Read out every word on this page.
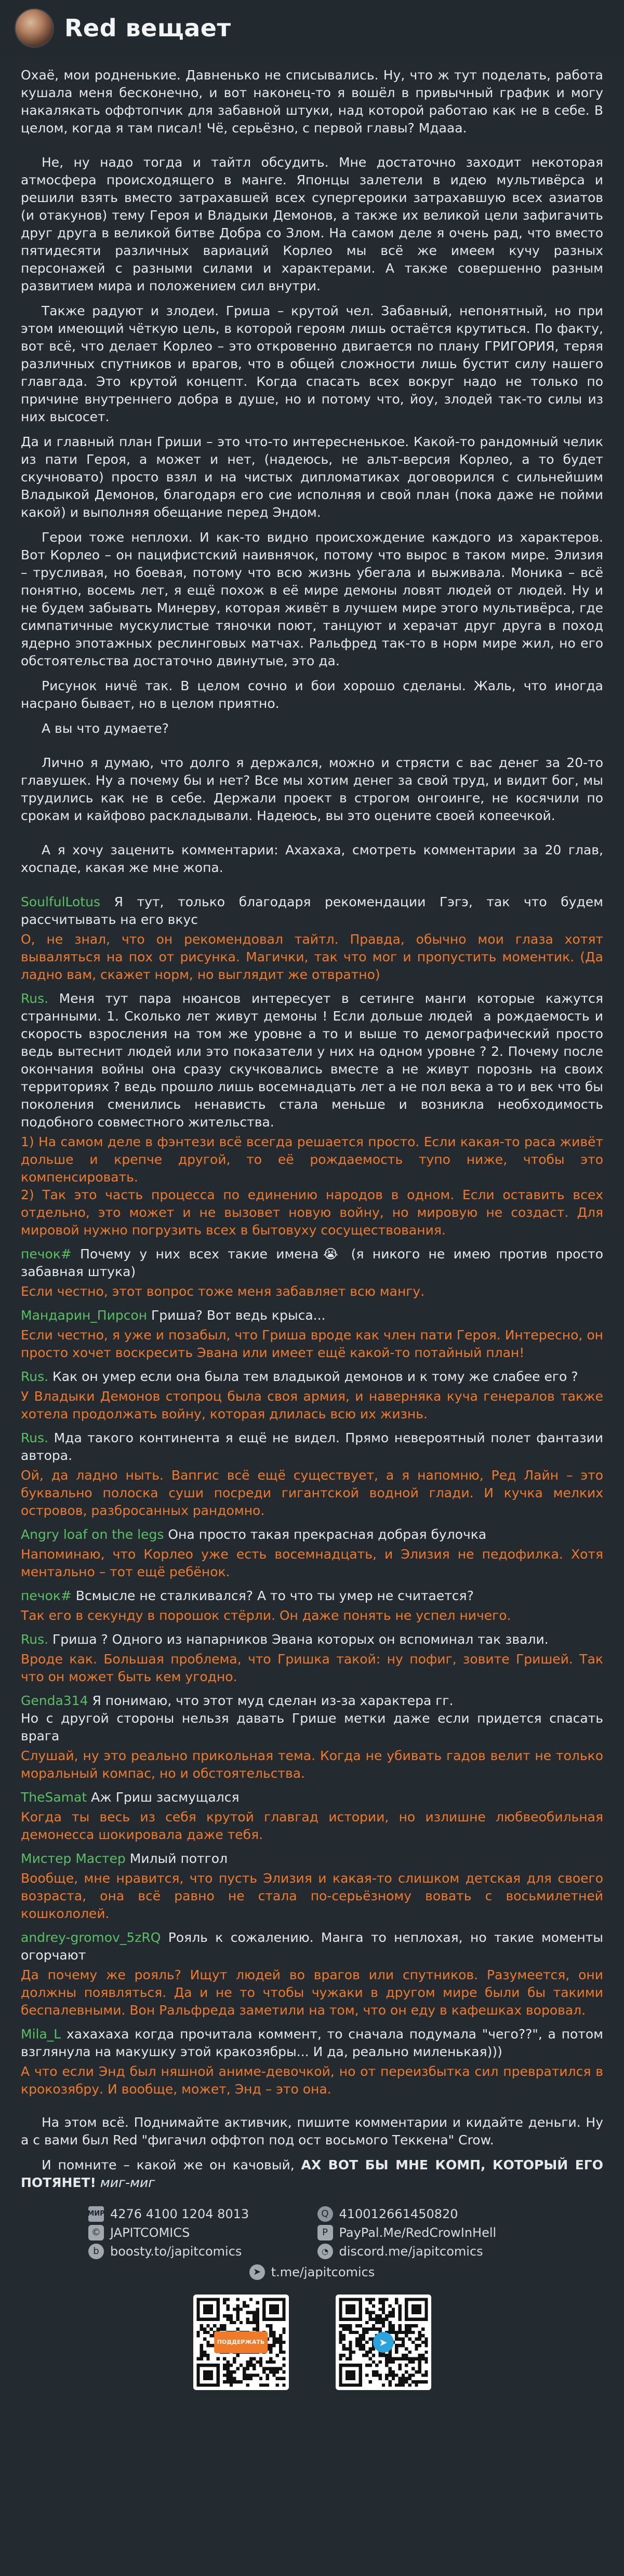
Red вещает

Охаё, мои родненькие. Давненько не списывались. Ну, что ж тут поделать, работа кушала меня бесконечно, и вот наконец-то я вошёл в привычный график и могу накалякать оффтопчик для забавной штуки, над которой работаю как не в себе. В целом, когда я там писал! Чё, серьёзно, с первой главы? Мдааа.

Не, ну надо тогда и тайтл обсудить. Мне достаточно заходит некоторая атмосфера происходящего в манге. Японцы залетели в идею мультивёрса и решили взять вместо затрахавшей всех супергероики затрахавшую всех азиатов (и отакунов) тему Героя и Владыки Демонов, а также их великой цели зафигачить друг друга в великой битве Добра со Злом. На самом деле я очень рад, что вместо пятидесяти различных вариаций Корлео мы всё же имеем кучу разных персонажей с разными силами и характерами. А также совершенно разным развитием мира и положением сил внутри.

Также радуют и злодеи. Гриша – крутой чел. Забавный, непонятный, но при этом имеющий чёткую цель, в которой героям лишь остаётся крутиться. По факту, вот всё, что делает Корлео – это откровенно двигается по плану ГРИГОРИЯ, теряя различных спутников и врагов, что в общей сложности лишь бустит силу нашего главгада. Это крутой концепт. Когда спасать всех вокруг надо не только по причине внутреннего добра в душе, но и потому что, йоу, злодей так-то силы из них высосет.

Да и главный план Гриши – это что-то интересненькое. Какой-то рандомный челик из пати Героя, а может и нет, (надеюсь, не альт-версия Корлео, а то будет скучновато) просто взял и на чистых дипломатиках договорился с сильнейшим Владыкой Демонов, благодаря его сие исполняя и свой план (пока даже не пойми какой) и выполняя обещание перед Эндом.

Герои тоже неплохи. И как-то видно происхождение каждого из характеров. Вот Корлео – он пацифистский наивнячок, потому что вырос в таком мире. Элизия – трусливая, но боевая, потому что всю жизнь убегала и выживала. Моника – всё понятно, восемь лет, я ещё похож в её мире демоны ловят людей от людей. Ну и не будем забывать Минерву, которая живёт в лучшем мире этого мультивёрса, где симпатичные мускулистые тяночки поют, танцуют и херачат друг друга в поход ядерно эпотажных реслинговых матчах. Ральфред так-то в норм мире жил, но его обстоятельства достаточно двинутые, это да.

Рисунок ничё так. В целом сочно и бои хорошо сделаны. Жаль, что иногда насрано бывает, но в целом приятно.

А вы что думаете?

Лично я думаю, что долго я держался, можно и стрясти с вас денег за 20-то главушек. Ну а почему бы и нет? Все мы хотим денег за свой труд, и видит бог, мы трудились как не в себе. Держали проект в строгом онгоинге, не косячили по срокам и кайфово раскладывали. Надеюсь, вы это оцените своей копеечкой.

А я хочу заценить комментарии: Ахахаха, смотреть комментарии за 20 глав, хоспаде, какая же мне жопа.

SoulfulLotus Я тут, только благодаря рекомендации Гэгэ, так что будем рассчитывать на его вкус
О, не знал, что он рекомендовал тайтл. Правда, обычно мои глаза хотят вываляться на пох от рисунка. Магички, так что мог и пропустить моментик. (Да ладно вам, скажет норм, но выглядит же отвратно)
Rus. Меня тут пара нюансов интересует в сетинге манги которые кажутся странными. 1. Сколько лет живут демоны ! Если дольше людей  а рождаемость и скорость взросления на том же уровне а то и выше то демографический просто ведь вытеснит людей или это показатели у них на одном уровне ? 2. Почему после окончания войны она сразу скучковались вместе а не живут порознь на своих территориях ? ведь прошло лишь восемнадцать лет а не пол века а то и век что бы поколения сменились ненависть стала меньше и возникла необходимость подобного совместного жительства.
1) На самом деле в фэнтези всё всегда решается просто. Если какая-то раса живёт дольше и крепче другой, то её рождаемость тупо ниже, чтобы это компенсировать.
2) Так это часть процесса по единению народов в одном. Если оставить всех отдельно, это может и не вызовет новую войну, но мировую не создаст. Для мировой нужно погрузить всех в бытовуху сосуществования.
печок# Почему у них всех такие имена😭 (я никого не имею против просто забавная штука)
Если честно, этот вопрос тоже меня забавляет всю мангу.
Мандарин_Пирсон Гриша? Вот ведь крыса...
Если честно, я уже и позабыл, что Гриша вроде как член пати Героя. Интересно, он просто хочет воскресить Эвана или имеет ещё какой-то потайный план!
Rus. Как он умер если она была тем владыкой демонов и к тому же слабее его ?
У Владыки Демонов стопроц была своя армия, и наверняка куча генералов также хотела продолжать войну, которая длилась всю их жизнь.
Rus. Мда такого континента я ещё не видел. Прямо невероятный полет фантазии автора.
Ой, да ладно ныть. Вапгис всё ещё существует, а я напомню, Ред Лайн – это буквально полоска суши посреди гигантской водной глади. И кучка мелких островов, разбросанных рандомно.
Angry loaf on the legs Она просто такая прекрасная добрая булочка
Напоминаю, что Корлео уже есть восемнадцать, и Элизия не педофилка. Хотя ментально – тот ещё ребёнок.
печок# Всмысле не сталкивался? А то что ты умер не считается?
Так его в секунду в порошок стёрли. Он даже понять не успел ничего.
Rus. Гриша ? Одного из напарников Эвана которых он вспоминал так звали.
Вроде как. Большая проблема, что Гришка такой: ну пофиг, зовите Гришей. Так что он может быть кем угодно.
Genda314 Я понимаю, что этот муд сделан из-за характера гг.
Но с другой стороны нельзя давать Грише метки даже если придется спасать врага
Слушай, ну это реально прикольная тема. Когда не убивать гадов велит не только моральный компас, но и обстоятельства.
TheSamat Аж Гриш засмущался
Когда ты весь из себя крутой главгад истории, но излишне любвеобильная демонесса шокировала даже тебя.
Мистер Мастер Милый потгол
Вообще, мне нравится, что пусть Элизия и какая-то слишком детская для своего возраста, она всё равно не стала по-серьёзному вовать с восьмилетней кошкололей.
andrey-gromov_5zRQ Рояль к сожалению. Манга то неплохая, но такие моменты огорчают
Да почему же рояль? Ищут людей во врагов или спутников. Разумеется, они должны появляться. Да и не то чтобы чужаки в другом мире были бы такими беспалевными. Вон Ральфреда заметили на том, что он еду в кафешках воровал.
Mila_L хахахаха когда прочитала коммент, то сначала подумала "чего??", а потом взглянула на макушку этой кракозябры... И да, реально миленькая)))
А что если Энд был няшной аниме-девочкой, но от переизбытка сил превратился в крокозябру. И вообще, может, Энд – это она.

На этом всё. Поднимайте активчик, пишите комментарии и кидайте деньги. Ну а с вами был Red "фигачил оффтоп под ост восьмого Теккена" Crow.

И помните – какой же он качовый, АХ ВОТ БЫ МНЕ КОМП, КОТОРЫЙ ЕГО ПОТЯНЕТ! миг-миг

МИР 4276 4100 1204 8013	Q 410012661450820
© JAPITCOMICS	P PayPal.Me/RedCrowInHell
b boosty.to/japitcomics	◔ discord.me/japitcomics
➤ t.me/japitcomics
ПОДДЕРЖАТЬ	➤
